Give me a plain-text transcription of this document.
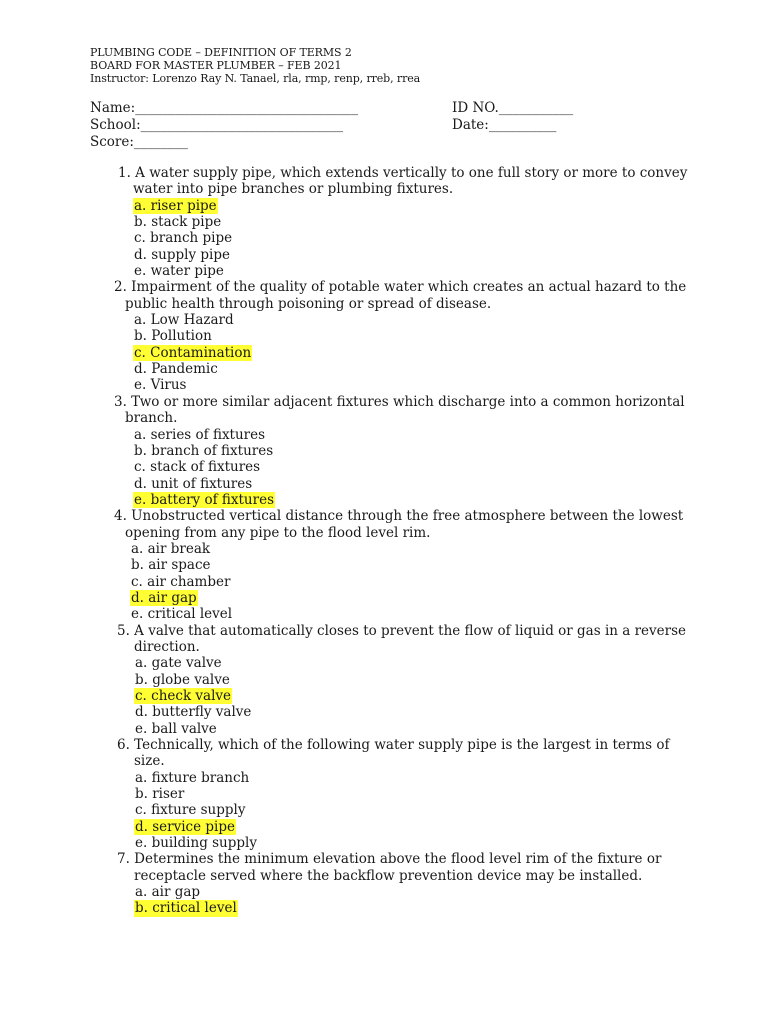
PLUMBING CODE – DEFINITION OF TERMS 2
BOARD FOR MASTER PLUMBER – FEB 2021
Instructor: Lorenzo Ray N. Tanael, rla, rmp, renp, rreb, rrea
Name:_________________________________	ID NO.___________
School:______________________________	Date:__________
Score:________
1. A water supply pipe, which extends vertically to one full story or more to convey
water into pipe branches or plumbing fixtures.
a. riser pipe
b. stack pipe
c. branch pipe
d. supply pipe
e. water pipe
2. Impairment of the quality of potable water which creates an actual hazard to the
public health through poisoning or spread of disease.
a. Low Hazard
b. Pollution
c. Contamination
d. Pandemic
e. Virus
3. Two or more similar adjacent fixtures which discharge into a common horizontal
branch.
a. series of fixtures
b. branch of fixtures
c. stack of fixtures
d. unit of fixtures
e. battery of fixtures
4. Unobstructed vertical distance through the free atmosphere between the lowest
opening from any pipe to the flood level rim.
a. air break
b. air space
c. air chamber
d. air gap
e. critical level
5. A valve that automatically closes to prevent the flow of liquid or gas in a reverse
direction.
a. gate valve
b. globe valve
c. check valve
d. butterfly valve
e. ball valve
6. Technically, which of the following water supply pipe is the largest in terms of
size.
a. fixture branch
b. riser
c. fixture supply
d. service pipe
e. building supply
7. Determines the minimum elevation above the flood level rim of the fixture or
receptacle served where the backflow prevention device may be installed.
a. air gap
b. critical level
